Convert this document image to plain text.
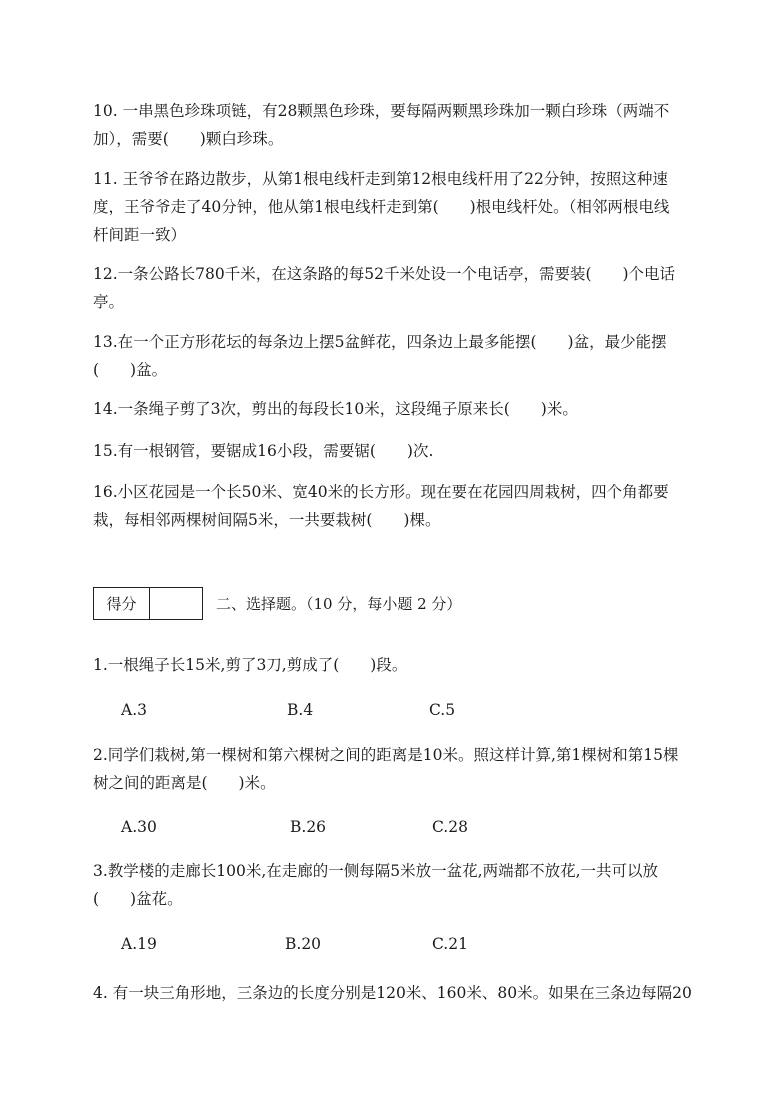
10. 一串黑色珍珠项链，有28颗黑色珍珠，要每隔两颗黑珍珠加一颗白珍珠（两端不
加），需要(　　)颗白珍珠。
11. 王爷爷在路边散步，从第1根电线杆走到第12根电线杆用了22分钟，按照这种速
度，王爷爷走了40分钟，他从第1根电线杆走到第(　　)根电线杆处。（相邻两根电线
杆间距一致）
12.一条公路长780千米，在这条路的每52千米处设一个电话亭，需要装(　　)个电话
亭。
13.在一个正方形花坛的每条边上摆5盆鲜花，四条边上最多能摆(　　)盆，最少能摆
(　　)盆。
14.一条绳子剪了3次，剪出的每段长10米，这段绳子原来长(　　)米。
15.有一根钢管，要锯成16小段，需要锯(　　)次.
16.小区花园是一个长50米、宽40米的长方形。现在要在花园四周栽树，四个角都要
栽，每相邻两棵树间隔5米，一共要栽树(　　)棵。
得分	二、选择题。（10 分，每小题 2 分）
1.一根绳子长15米,剪了3刀,剪成了(　　)段。
A.3	B.4	C.5
2.同学们栽树,第一棵树和第六棵树之间的距离是10米。照这样计算,第1棵树和第15棵
树之间的距离是(　　)米。
A.30	B.26	C.28
3.教学楼的走廊长100米,在走廊的一侧每隔5米放一盆花,两端都不放花,一共可以放
(　　)盆花。
A.19	B.20	C.21
4. 有一块三角形地，三条边的长度分别是120米、160米、80米。如果在三条边每隔20
